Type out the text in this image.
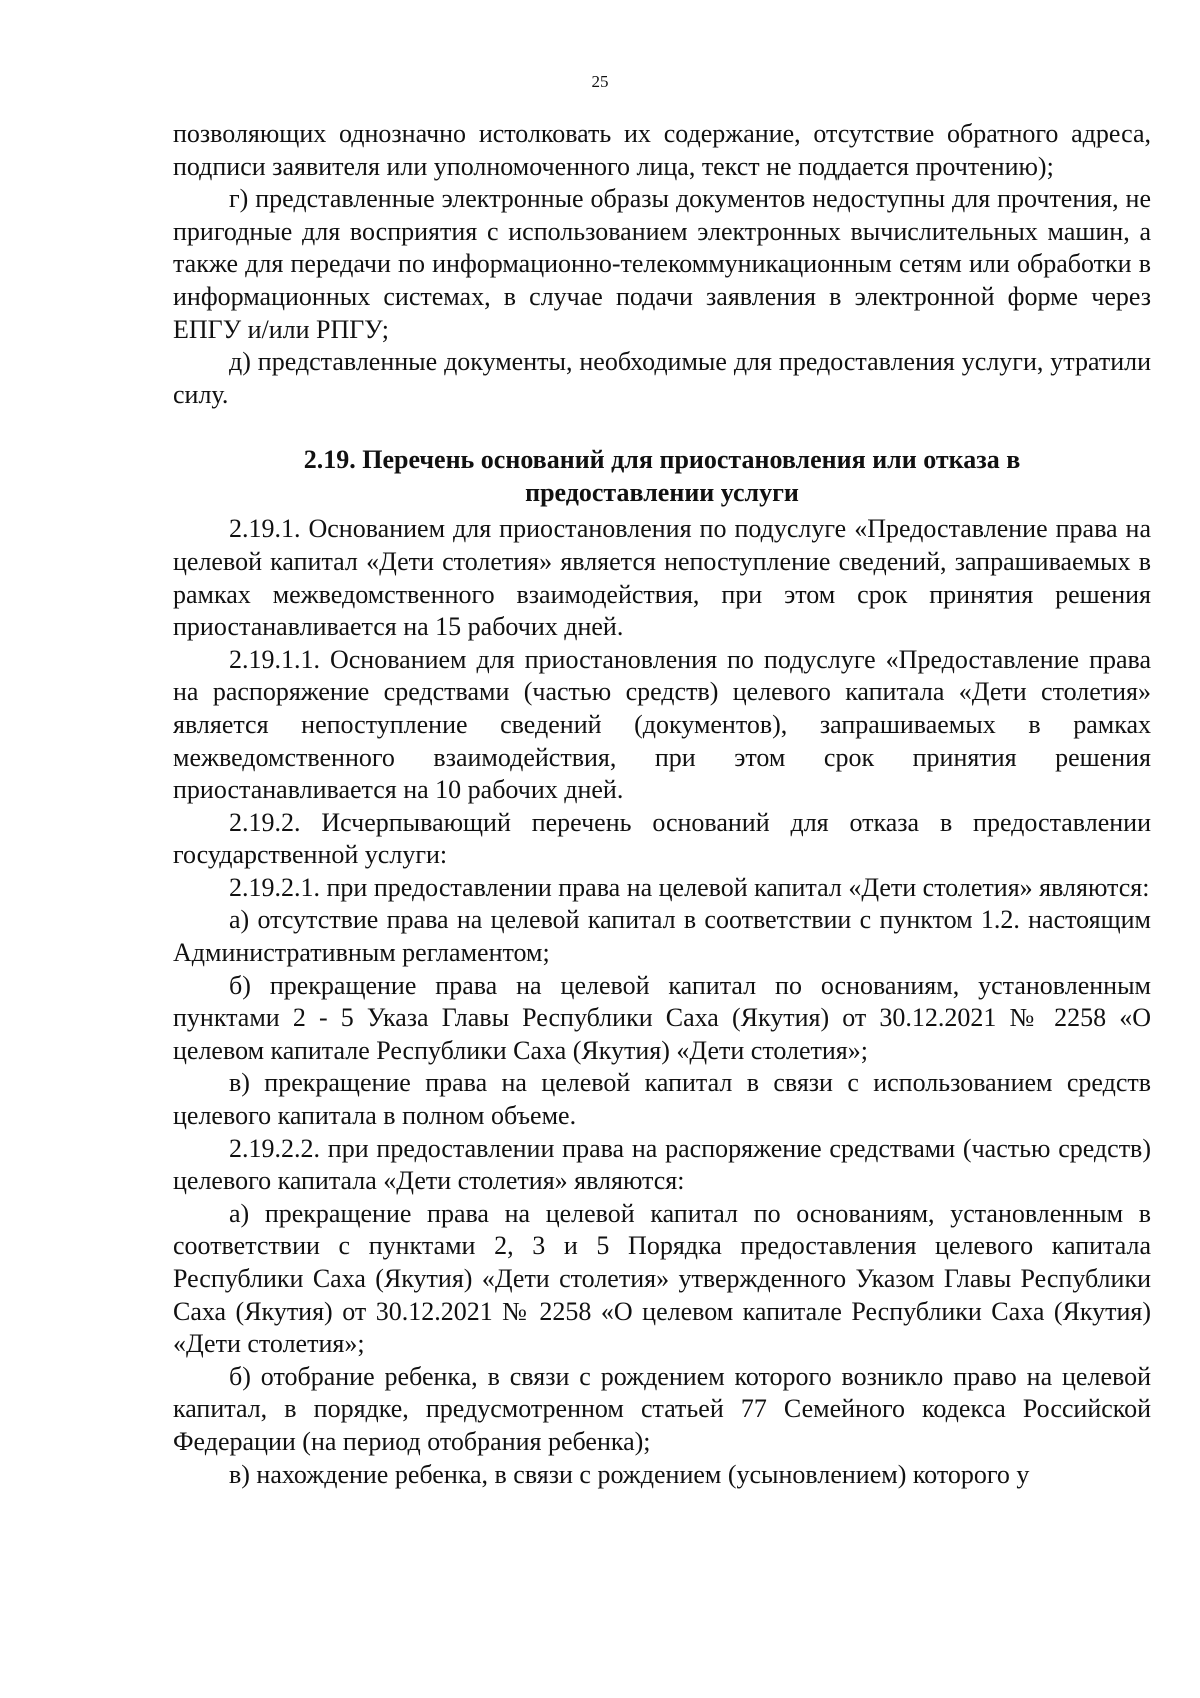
25

позволяющих однозначно истолковать их содержание, отсутствие обратного адреса, подписи заявителя или уполномоченного лица, текст не поддается прочтению);

г) представленные электронные образы документов недоступны для прочтения, не пригодные для восприятия с использованием электронных вычислительных машин, а также для передачи по информационно-телекоммуникационным сетям или обработки в информационных системах, в случае подачи заявления в электронной форме через ЕПГУ и/или РПГУ;

д) представленные документы, необходимые для предоставления услуги, утратили силу.

2.19. Перечень оснований для приостановления или отказа в предоставлении услуги

2.19.1. Основанием для приостановления по подуслуге «Предоставление права на целевой капитал «Дети столетия» является непоступление сведений, запрашиваемых в рамках межведомственного взаимодействия, при этом срок принятия решения приостанавливается на 15 рабочих дней.

2.19.1.1. Основанием для приостановления по подуслуге «Предоставление права на распоряжение средствами (частью средств) целевого капитала «Дети столетия» является непоступление сведений (документов), запрашиваемых в рамках межведомственного взаимодействия, при этом срок принятия решения приостанавливается на 10 рабочих дней.

2.19.2. Исчерпывающий перечень оснований для отказа в предоставлении государственной услуги:

2.19.2.1. при предоставлении права на целевой капитал «Дети столетия» являются:

а) отсутствие права на целевой капитал в соответствии с пунктом 1.2. настоящим Административным регламентом;

б) прекращение права на целевой капитал по основаниям, установленным пунктами 2 - 5 Указа Главы Республики Саха (Якутия) от 30.12.2021 № 2258 «О целевом капитале Республики Саха (Якутия) «Дети столетия»;

в) прекращение права на целевой капитал в связи с использованием средств целевого капитала в полном объеме.

2.19.2.2. при предоставлении права на распоряжение средствами (частью средств) целевого капитала «Дети столетия» являются:

а) прекращение права на целевой капитал по основаниям, установленным в соответствии с пунктами 2, 3 и 5 Порядка предоставления целевого капитала Республики Саха (Якутия) «Дети столетия» утвержденного Указом Главы Республики Саха (Якутия) от 30.12.2021 № 2258 «О целевом капитале Республики Саха (Якутия) «Дети столетия»;

б) отобрание ребенка, в связи с рождением которого возникло право на целевой капитал, в порядке, предусмотренном статьей 77 Семейного кодекса Российской Федерации (на период отобрания ребенка);

в) нахождение ребенка, в связи с рождением (усыновлением) которого у
